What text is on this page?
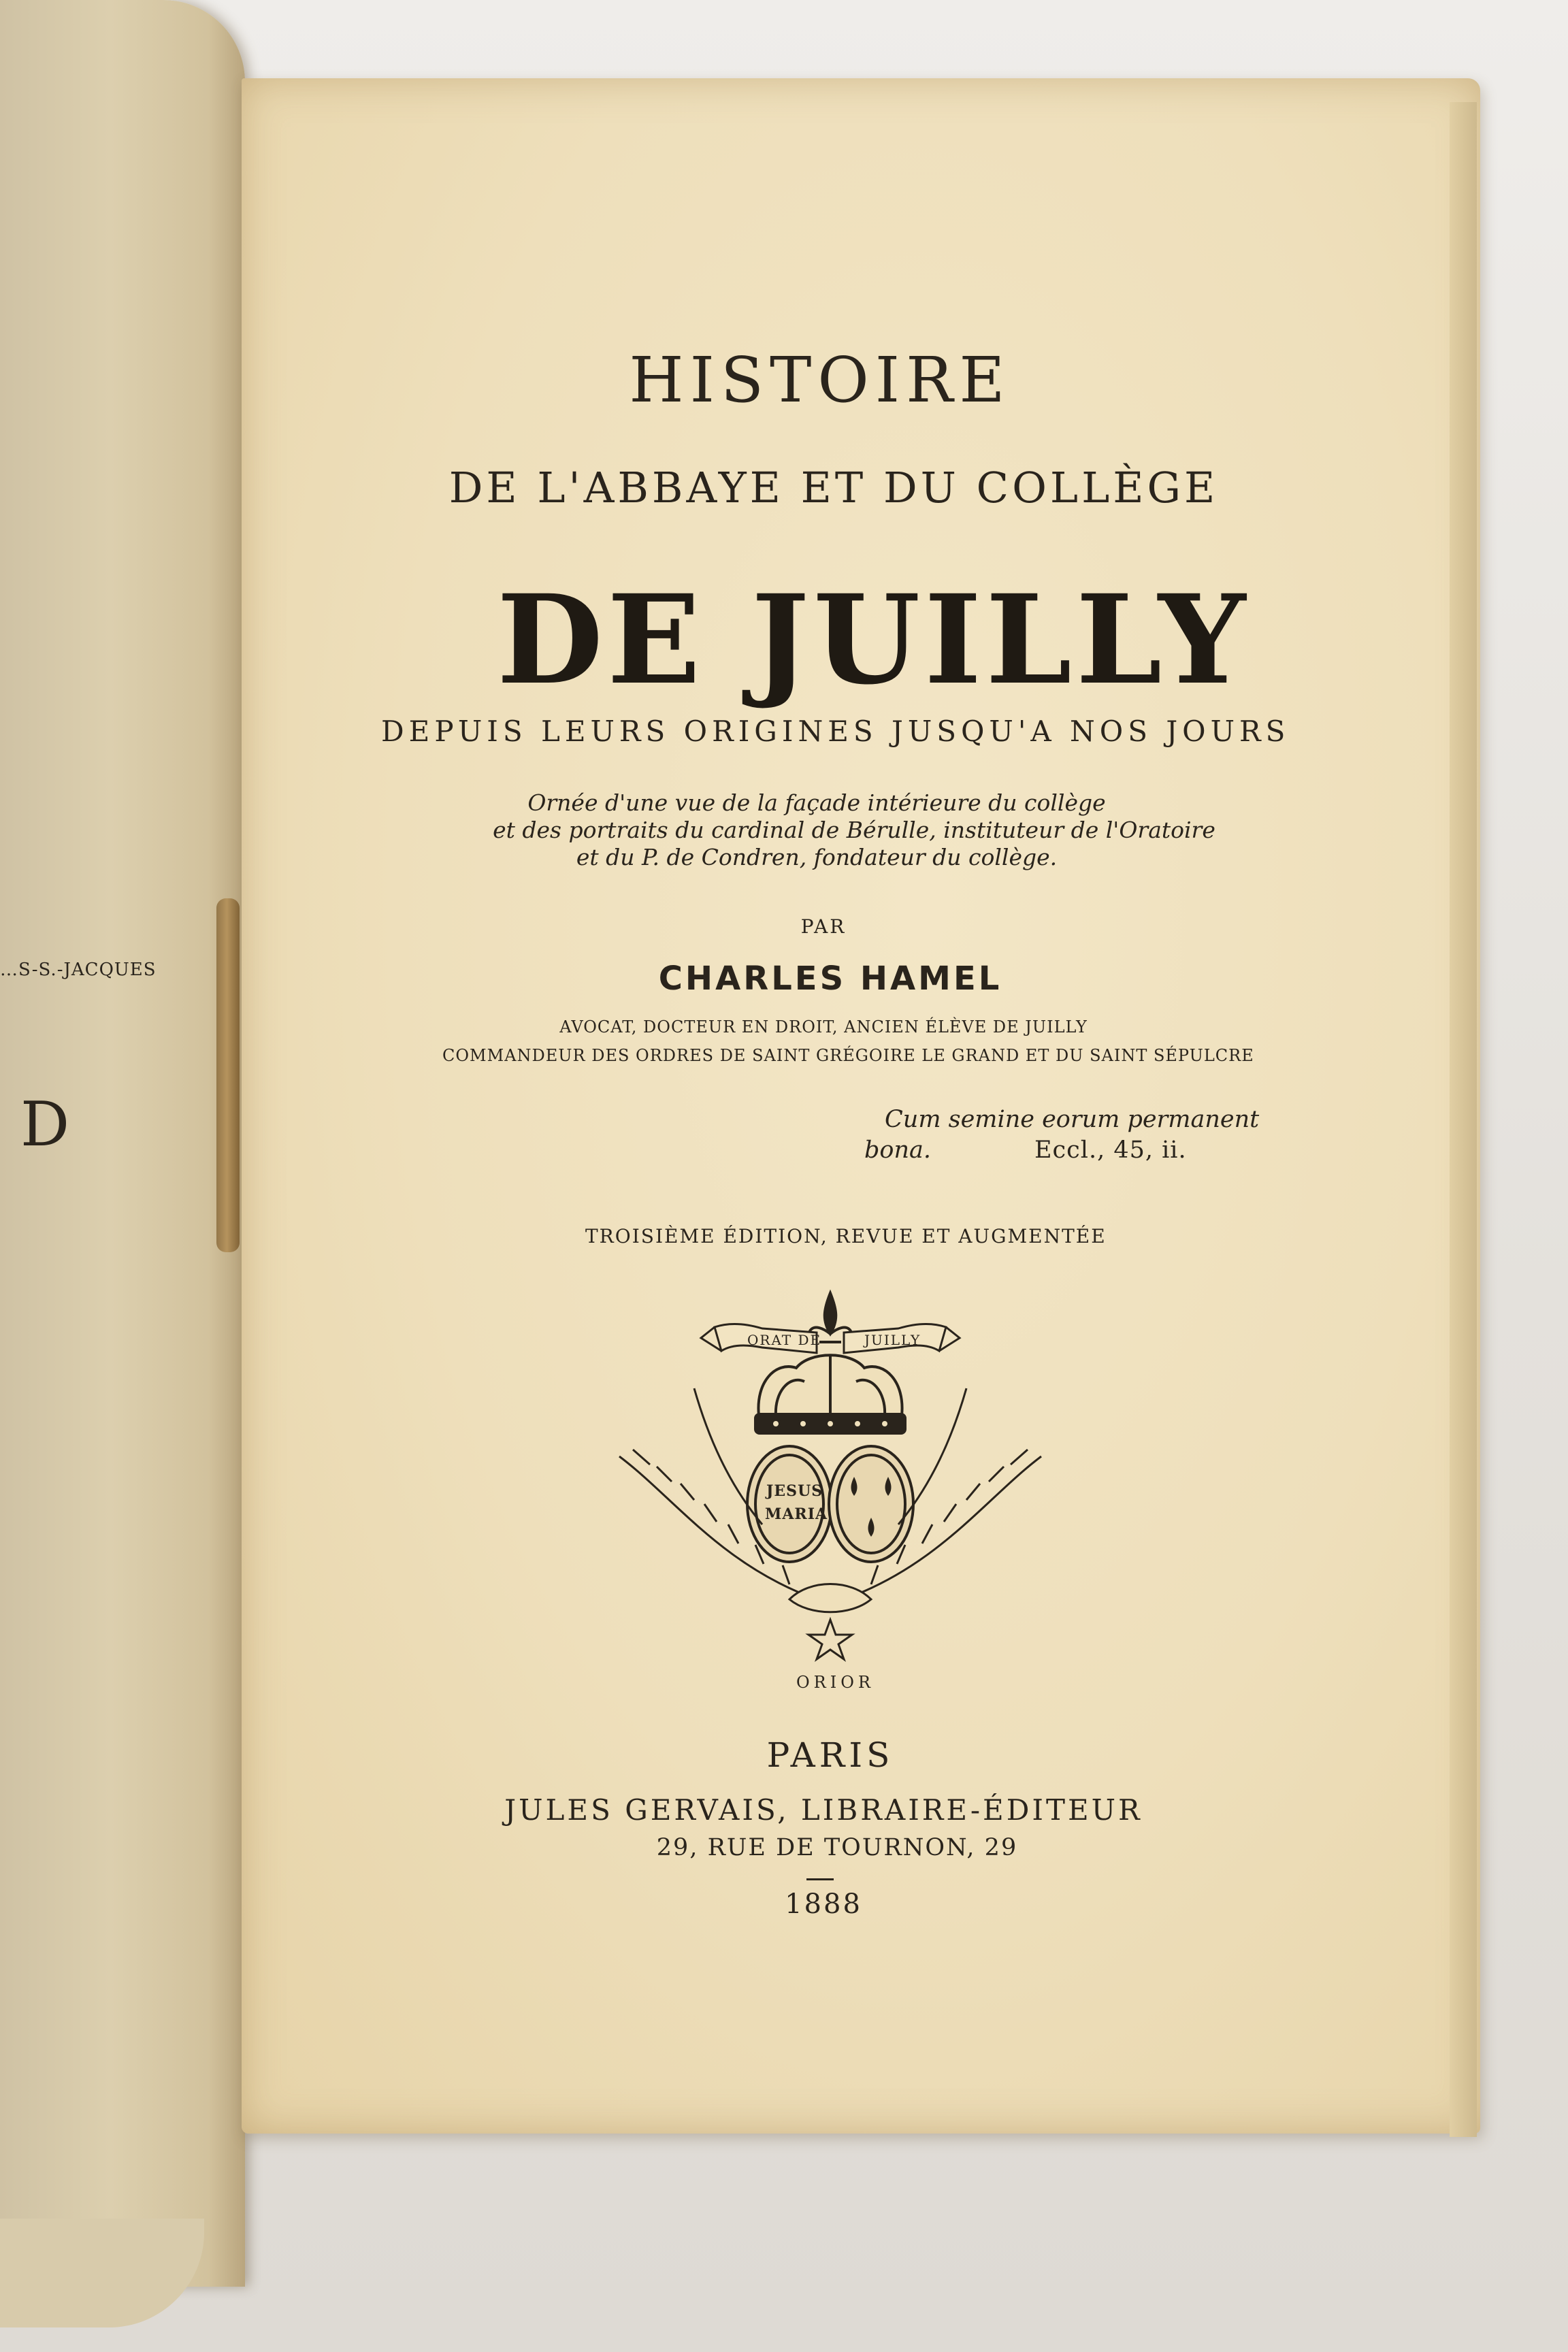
…S-S.-JACQUES
D
HISTOIRE
DE L'ABBAYE ET DU COLLÈGE
DE JUILLY
DEPUIS LEURS ORIGINES JUSQU'A NOS JOURS
Ornée d'une vue de la façade intérieure du collège
et des portraits du cardinal de Bérulle, instituteur de l'Oratoire
et du P. de Condren, fondateur du collège.
PAR
CHARLES HAMEL
AVOCAT, DOCTEUR EN DROIT, ANCIEN ÉLÈVE DE JUILLY
COMMANDEUR DES ORDRES DE SAINT GRÉGOIRE LE GRAND ET DU SAINT SÉPULCRE
Cum semine eorum permanent
bona.	Eccl., 45, ii.
TROISIÈME ÉDITION, REVUE ET AUGMENTÉE
ORAT DE	JUILLY
JESUS
MARIA
ORIOR
PARIS
JULES GERVAIS, LIBRAIRE-ÉDITEUR
29, RUE DE TOURNON, 29
1888
